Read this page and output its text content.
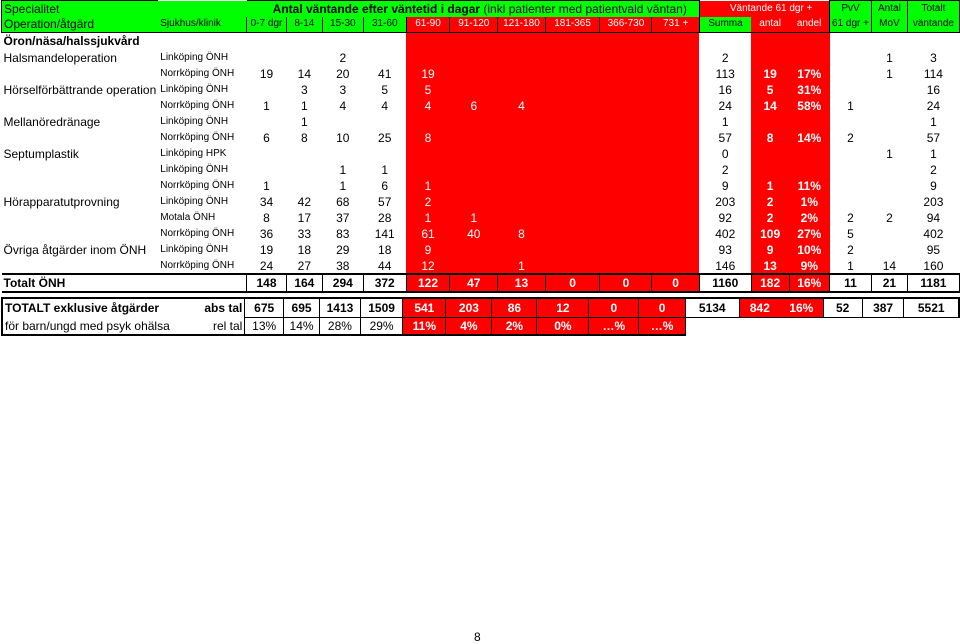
Specialitet		Antal väntande efter väntetid i dagar (inkl patienter med patientvald väntan)										Väntande 61 dgr +			PvV	Antal	Totalt
Operation/åtgärd	Sjukhus/klinik	0-7 dgr	8-14	15-30	31-60	61-90	91-120	121-180	181-365	366-730	731 +	Summa	antal	andel	61 dgr +	MoV	väntande
Öron/näsa/halssjukvård																	
Halsmandeloperation	Linköping ÖNH			2								2				1	3
	Norrköping ÖNH	19	14	20	41	19						113	19	17%		1	114
Hörselförbättrande operation	Linköping ÖNH		3	3	5	5						16	5	31%			16
	Norrköping ÖNH	1	1	4	4	4	6	4				24	14	58%	1		24
Mellanöredränage	Linköping ÖNH		1									1					1
	Norrköping ÖNH	6	8	10	25	8						57	8	14%	2		57
Septumplastik	Linköping HPK											0				1	1
	Linköping ÖNH			1	1							2					2
	Norrköping ÖNH	1		1	6	1						9	1	11%			9
Hörapparatutprovning	Linköping ÖNH	34	42	68	57	2						203	2	1%			203
	Motala ÖNH	8	17	37	28	1	1					92	2	2%	2	2	94
	Norrköping ÖNH	36	33	83	141	61	40	8				402	109	27%	5		402
Övriga åtgärder inom ÖNH	Linköping ÖNH	19	18	29	18	9						93	9	10%	2		95
	Norrköping ÖNH	24	27	38	44	12		1				146	13	9%	1	14	160
Totalt ÖNH		148	164	294	372	122	47	13	0	0	0	1160	182	16%	11	21	1181
TOTALT exklusive åtgärder	abs tal	675	695	1413	1509	541	203	86	12	0	0	5134	842	16%	52	387	5521
för barn/ungd med psyk ohälsa	rel tal	13%	14%	28%	29%	11%	4%	2%	0%	…%	…%						
8
